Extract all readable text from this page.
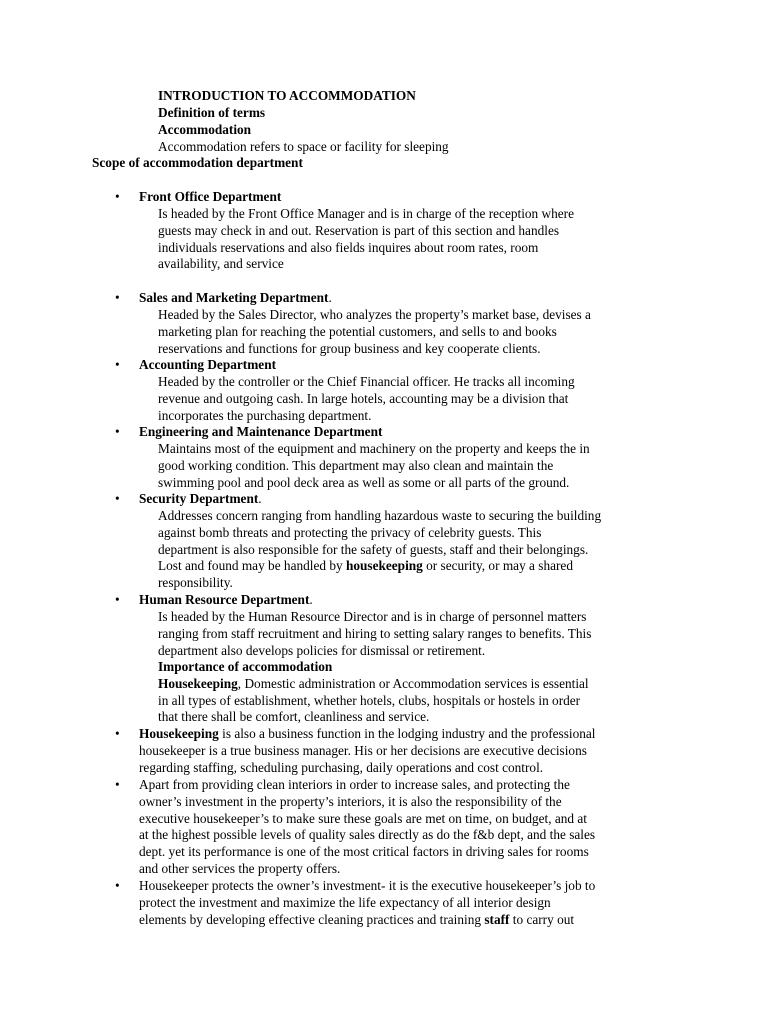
INTRODUCTION TO ACCOMMODATION

Definition of terms

Accommodation

Accommodation refers to space or facility for sleeping

Scope of accommodation department

• Front Office Department

Is headed by the Front Office Manager and is in charge of the reception where

guests may check in and out. Reservation is part of this section and handles

individuals reservations and also fields inquires about room rates, room

availability, and service

• Sales and Marketing Department.

Headed by the Sales Director, who analyzes the property’s market base, devises a

marketing plan for reaching the potential customers, and sells to and books

reservations and functions for group business and key cooperate clients.

• Accounting Department

Headed by the controller or the Chief Financial officer. He tracks all incoming

revenue and outgoing cash. In large hotels, accounting may be a division that

incorporates the purchasing department.

• Engineering and Maintenance Department

Maintains most of the equipment and machinery on the property and keeps the in

good working condition. This department may also clean and maintain the

swimming pool and pool deck area as well as some or all parts of the ground.

• Security Department.

Addresses concern ranging from handling hazardous waste to securing the building

against bomb threats and protecting the privacy of celebrity guests. This

department is also responsible for the safety of guests, staff and their belongings.

Lost and found may be handled by housekeeping or security, or may a shared

responsibility.

• Human Resource Department.

Is headed by the Human Resource Director and is in charge of personnel matters

ranging from staff recruitment and hiring to setting salary ranges to benefits. This

department also develops policies for dismissal or retirement.

Importance of accommodation

Housekeeping, Domestic administration or Accommodation services is essential

in all types of establishment, whether hotels, clubs, hospitals or hostels in order

that there shall be comfort, cleanliness and service.

• Housekeeping is also a business function in the lodging industry and the professional

housekeeper is a true business manager. His or her decisions are executive decisions

regarding staffing, scheduling purchasing, daily operations and cost control.

• Apart from providing clean interiors in order to increase sales, and protecting the

owner’s investment in the property’s interiors, it is also the responsibility of the

executive housekeeper’s to make sure these goals are met on time, on budget, and at

at the highest possible levels of quality sales directly as do the f&b dept, and the sales

dept. yet its performance is one of the most critical factors in driving sales for rooms

and other services the property offers.

• Housekeeper protects the owner’s investment- it is the executive housekeeper’s job to

protect the investment and maximize the life expectancy of all interior design

elements by developing effective cleaning practices and training staff to carry out
